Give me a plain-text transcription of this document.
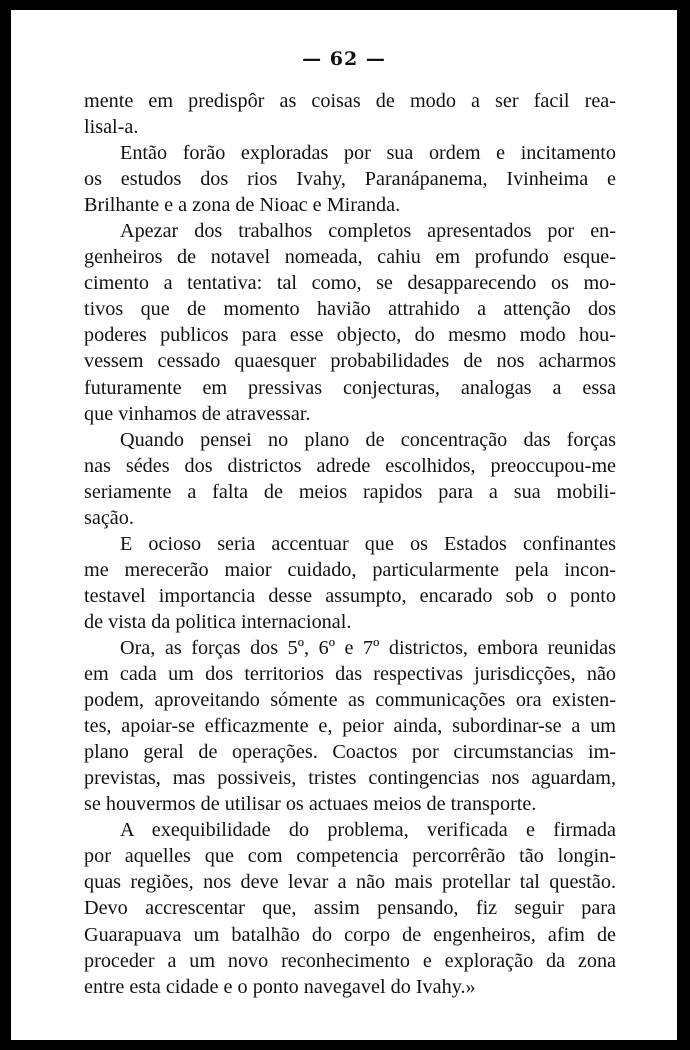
— 62 —
mente em predispôr as coisas de modo a ser facil rea-
lisal-a.
Então forão exploradas por sua ordem e incitamento
os estudos dos rios Ivahy, Paranápanema, Ivinheima e
Brilhante e a zona de Nioac e Miranda.
Apezar dos trabalhos completos apresentados por en-
genheiros de notavel nomeada, cahiu em profundo esque-
cimento a tentativa: tal como, se desapparecendo os mo-
tivos que de momento havião attrahido a attenção dos
poderes publicos para esse objecto, do mesmo modo hou-
vessem cessado quaesquer probabilidades de nos acharmos
futuramente em pressivas conjecturas, analogas a essa
que vinhamos de atravessar.
Quando pensei no plano de concentração das forças
nas sédes dos districtos adrede escolhidos, preoccupou-me
seriamente a falta de meios rapidos para a sua mobili-
sação.
E ocioso seria accentuar que os Estados confinantes
me merecerão maior cuidado, particularmente pela incon-
testavel importancia desse assumpto, encarado sob o ponto
de vista da politica internacional.
Ora, as forças dos 5º, 6º e 7º districtos, embora reunidas
em cada um dos territorios das respectivas jurisdicções, não
podem, aproveitando sómente as communicações ora existen-
tes, apoiar-se efficazmente e, peior ainda, subordinar-se a um
plano geral de operações. Coactos por circumstancias im-
previstas, mas possiveis, tristes contingencias nos aguardam,
se houvermos de utilisar os actuaes meios de transporte.
A exequibilidade do problema, verificada e firmada
por aquelles que com competencia percorrêrão tão longin-
quas regiões, nos deve levar a não mais protellar tal questão.
Devo accrescentar que, assim pensando, fiz seguir para
Guarapuava um batalhão do corpo de engenheiros, afim de
proceder a um novo reconhecimento e exploração da zona
entre esta cidade e o ponto navegavel do Ivahy.»
